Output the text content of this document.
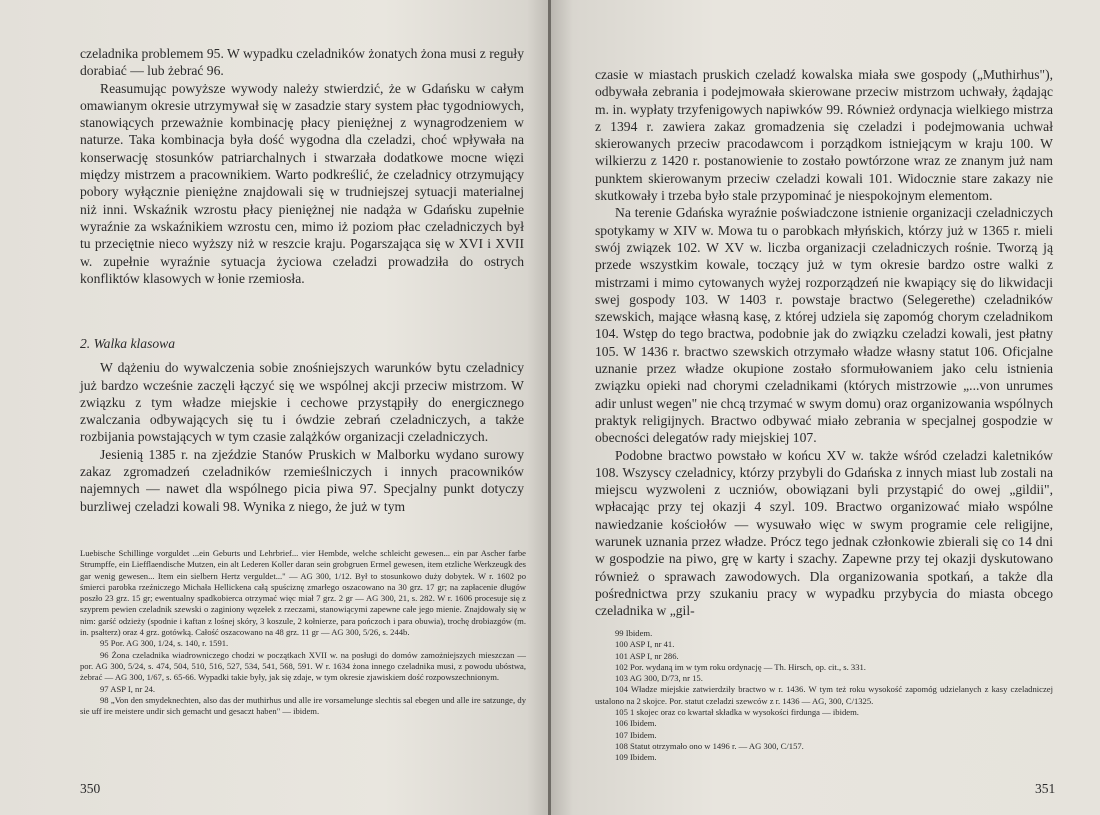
czeladnika problemem 95. W wypadku czeladników żonatych żona musi z reguły dorabiać — lub żebrać 96.

Reasumując powyższe wywody należy stwierdzić, że w Gdańsku w całym omawianym okresie utrzymywał się w zasadzie stary system płac tygodniowych, stanowiących przeważnie kombinację płacy pieniężnej z wynagrodzeniem w naturze. Taka kombinacja była dość wygodna dla czeladzi, choć wpływała na konserwację stosunków patriarchalnych i stwarzała dodatkowe mocne więzi między mistrzem a pracownikiem. Warto podkreślić, że czeladnicy otrzymujący pobory wyłącznie pieniężne znajdowali się w trudniejszej sytuacji materialnej niż inni. Wskaźnik wzrostu płacy pieniężnej nie nadąża w Gdańsku zupełnie wyraźnie za wskaźnikiem wzrostu cen, mimo iż poziom płac czeladniczych był tu przeciętnie nieco wyższy niż w reszcie kraju. Pogarszająca się w XVI i XVII w. zupełnie wyraźnie sytuacja życiowa czeladzi prowadziła do ostrych konfliktów klasowych w łonie rzemiosła.

2. Walka klasowa

W dążeniu do wywalczenia sobie znośniejszych warunków bytu czeladnicy już bardzo wcześnie zaczęli łączyć się we wspólnej akcji przeciw mistrzom. W związku z tym władze miejskie i cechowe przystąpiły do energicznego zwalczania odbywających się tu i ówdzie zebrań czeladniczych, a także rozbijania powstających w tym czasie zalążków organizacji czeladniczych.

Jesienią 1385 r. na zjeździe Stanów Pruskich w Malborku wydano surowy zakaz zgromadzeń czeladników rzemieślniczych i innych pracowników najemnych — nawet dla wspólnego picia piwa 97. Specjalny punkt dotyczy burzliwej czeladzi kowali 98. Wynika z niego, że już w tym

Luebische Schillinge vorguldet ...ein Geburts und Lehrbrief... vier Hembde, welche schleicht gewesen... ein par Ascher farbe Strumpffe, ein Liefflaendische Mutzen, ein alt Lederen Koller daran sein grobgruen Ermel gewesen, item etzliche Werkzeugk des gar wenig gewesen... Item ein sielbern Hertz verguldet..." — AG 300, 1/12. Był to stosunkowo duży dobytek. W r. 1602 po śmierci parobka rzeźniczego Michała Hellickena całą spuściznę zmarłego oszacowano na 30 grz. 17 gr; na zapłacenie długów poszło 23 grz. 15 gr; ewentualny spadkobierca otrzymać więc miał 7 grz. 2 gr — AG 300, 21, s. 282. W r. 1606 procesuje się z szyprem pewien czeladnik szewski o zaginiony węzełek z rzeczami, stanowiącymi zapewne całe jego mienie. Znajdowały się w nim: garść odzieży (spodnie i kaftan z lośnej skóry, 3 koszule, 2 kołnierze, para pończoch i para obuwia), trochę drobiazgów (m. in. psałterz) oraz 4 grz. gotówką. Całość oszacowano na 48 grz. 11 gr — AG 300, 5/26, s. 244b.

95 Por. AG 300, 1/24, s. 140, r. 1591.

96 Żona czeladnika wiadrowniczego chodzi w początkach XVII w. na posługi do domów zamożniejszych mieszczan — por. AG 300, 5/24, s. 474, 504, 510, 516, 527, 534, 541, 568, 591. W r. 1634 żona innego czeladnika musi, z powodu ubóstwa, żebrać — AG 300, 1/67, s. 65-66. Wypadki takie były, jak się zdaje, w tym okresie zjawiskiem dość rozpowszechnionym.

97 ASP I, nr 24.

98 „Von den smydeknechten, also das der muthirhus und alle ire vorsamelunge slechtis sal ebegen und alle ire satzunge, dy sie uff ire meistere undir sich gemacht und gesaczt haben" — ibidem.

350

czasie w miastach pruskich czeladź kowalska miała swe gospody („Muthirhus"), odbywała zebrania i podejmowała skierowane przeciw mistrzom uchwały, żądając m. in. wypłaty trzyfenigowych napiwków 99. Również ordynacja wielkiego mistrza z 1394 r. zawiera zakaz gromadzenia się czeladzi i podejmowania uchwał skierowanych przeciw pracodawcom i porządkom istniejącym w kraju 100. W wilkierzu z 1420 r. postanowienie to zostało powtórzone wraz ze znanym już nam punktem skierowanym przeciw czeladzi kowali 101. Widocznie stare zakazy nie skutkowały i trzeba było stale przypominać je niespokojnym elementom.

Na terenie Gdańska wyraźnie poświadczone istnienie organizacji czeladniczych spotykamy w XIV w. Mowa tu o parobkach młyńskich, którzy już w 1365 r. mieli swój związek 102. W XV w. liczba organizacji czeladniczych rośnie. Tworzą ją przede wszystkim kowale, toczący już w tym okresie bardzo ostre walki z mistrzami i mimo cytowanych wyżej rozporządzeń nie kwapiący się do likwidacji swej gospody 103. W 1403 r. powstaje bractwo (Selegerethe) czeladników szewskich, mające własną kasę, z której udziela się zapomóg chorym czeladnikom 104. Wstęp do tego bractwa, podobnie jak do związku czeladzi kowali, jest płatny 105. W 1436 r. bractwo szewskich otrzymało władze własny statut 106. Oficjalne uznanie przez władze okupione zostało sformułowaniem jako celu istnienia związku opieki nad chorymi czeladnikami (których mistrzowie „...von unrumes adir unlust wegen" nie chcą trzymać w swym domu) oraz organizowania wspólnych praktyk religijnych. Bractwo odbywać miało zebrania w specjalnej gospodzie w obecności delegatów rady miejskiej 107.

Podobne bractwo powstało w końcu XV w. także wśród czeladzi kaletników 108. Wszyscy czeladnicy, którzy przybyli do Gdańska z innych miast lub zostali na miejscu wyzwoleni z uczniów, obowiązani byli przystąpić do owej „gildii", wpłacając przy tej okazji 4 szyl. 109. Bractwo organizować miało wspólne nawiedzanie kościołów — wysuwało więc w swym programie cele religijne, warunek uznania przez władze. Prócz tego jednak członkowie zbierali się co 14 dni w gospodzie na piwo, grę w karty i szachy. Zapewne przy tej okazji dyskutowano również o sprawach zawodowych. Dla organizowania spotkań, a także dla pośrednictwa przy szukaniu pracy w wypadku przybycia do miasta obcego czeladnika w „gil-

99 Ibidem.

100 ASP I, nr 41.

101 ASP I, nr 286.

102 Por. wydaną im w tym roku ordynację — Th. Hirsch, op. cit., s. 331.

103 AG 300, D/73, nr 15.

104 Władze miejskie zatwierdziły bractwo w r. 1436. W tym też roku wysokość zapomóg udzielanych z kasy czeladniczej ustalono na 2 skojce. Por. statut czeladzi szewców z r. 1436 — AG, 300, C/1325.

105 1 skojec oraz co kwartał składka w wysokości firdunga — ibidem.

106 Ibidem.

107 Ibidem.

108 Statut otrzymało ono w 1496 r. — AG 300, C/157.

109 Ibidem.

351
